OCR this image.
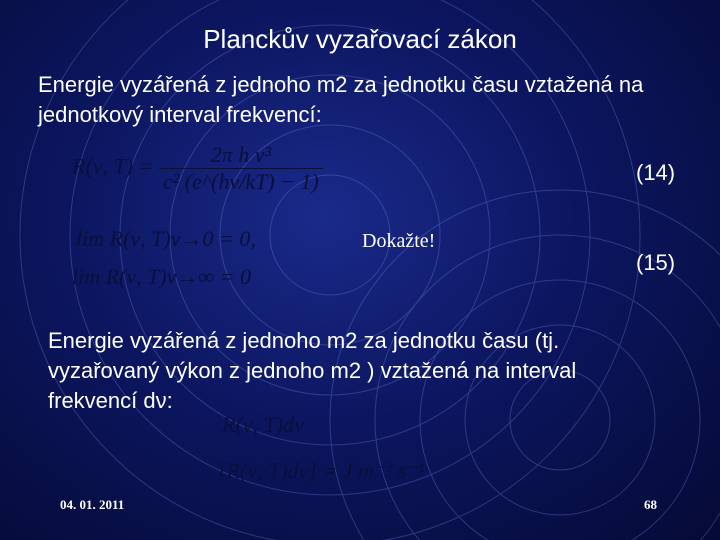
Planckův vyzařovací zákon
Energie vyzářená z jednoho m2 za jednotku času vztažená na jednotkový interval frekvencí:
R(ν, $T) = \frac{\text{2π h ν³}}{\text{c² (e\textasciicircum{}(hν/kT) − 1)}}$	(14)
lim R(ν, T)ν→0 = 0,
lim R(ν, T)ν→∞ = 0
Dokažte!
(15)
Energie vyzářená z jednoho m2 za jednotku času (tj. vyzařovaný výkon z jednoho m2 ) vztažená na interval frekvencí dν:
R(ν, T)dν
[R(ν, T)dν] = J m⁻² s⁻¹
04. 01. 2011	68
